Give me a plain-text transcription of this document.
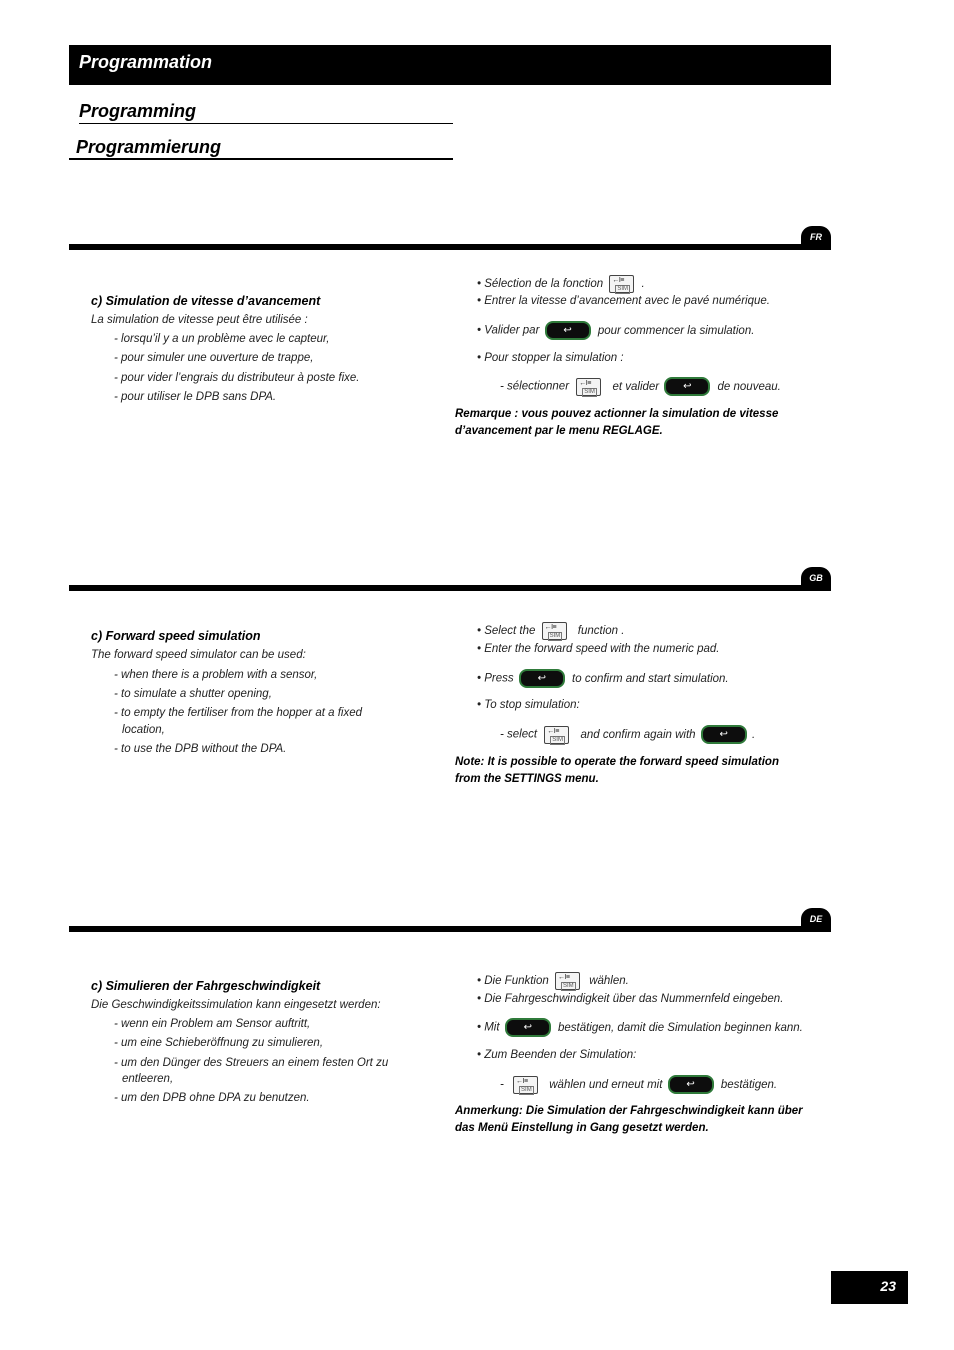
Programmation
Programming
Programmierung
FR
c) Simulation de vitesse d’avancement
La simulation de vitesse peut être utilisée :
- lorsqu’il y a un problème avec le capteur,
- pour simuler une ouverture de trappe,
- pour vider l’engrais du distributeur à poste fixe.
- pour utiliser le DPB sans DPA.
• Sélection de la fonction ←I≡
SIM .
• Entrer la vitesse d’avancement avec le pavé numérique.
• Valider par ↩ pour commencer la simulation.
• Pour stopper la simulation :
- sélectionner ←I≡
SIM et valider ↩ de nouveau.
Remarque : vous pouvez actionner la simulation de vitesse d’avancement par le menu REGLAGE.
GB
c) Forward speed simulation
The forward speed simulator can be used:
- when there is a problem with a sensor,
- to simulate a shutter opening,
- to empty the fertiliser from the hopper at a fixed
location,
- to use the DPB without the DPA.
• Select the ←I≡
SIM function .
• Enter the forward speed with the numeric pad.
• Press ↩ to confirm and start simulation.
• To stop simulation:
- select ←I≡
SIM and confirm again with ↩ .
Note: It is possible to operate the forward speed simulation from the SETTINGS menu.
DE
c) Simulieren der Fahrgeschwindigkeit
Die Geschwindigkeitssimulation kann eingesetzt werden:
- wenn ein Problem am Sensor auftritt,
- um eine Schieberöffnung zu simulieren,
- um den Dünger des Streuers an einem festen Ort zu
entleeren,
- um den DPB ohne DPA zu benutzen.
• Die Funktion ←I≡
SIM wählen.
• Die Fahrgeschwindigkeit über das Nummernfeld eingeben.
• Mit ↩ bestätigen, damit die Simulation beginnen kann.
• Zum Beenden der Simulation:
- ←I≡
SIM wählen und erneut mit ↩ bestätigen.
Anmerkung: Die Simulation der Fahrgeschwindigkeit kann über das Menü Einstellung in Gang gesetzt werden.
23
